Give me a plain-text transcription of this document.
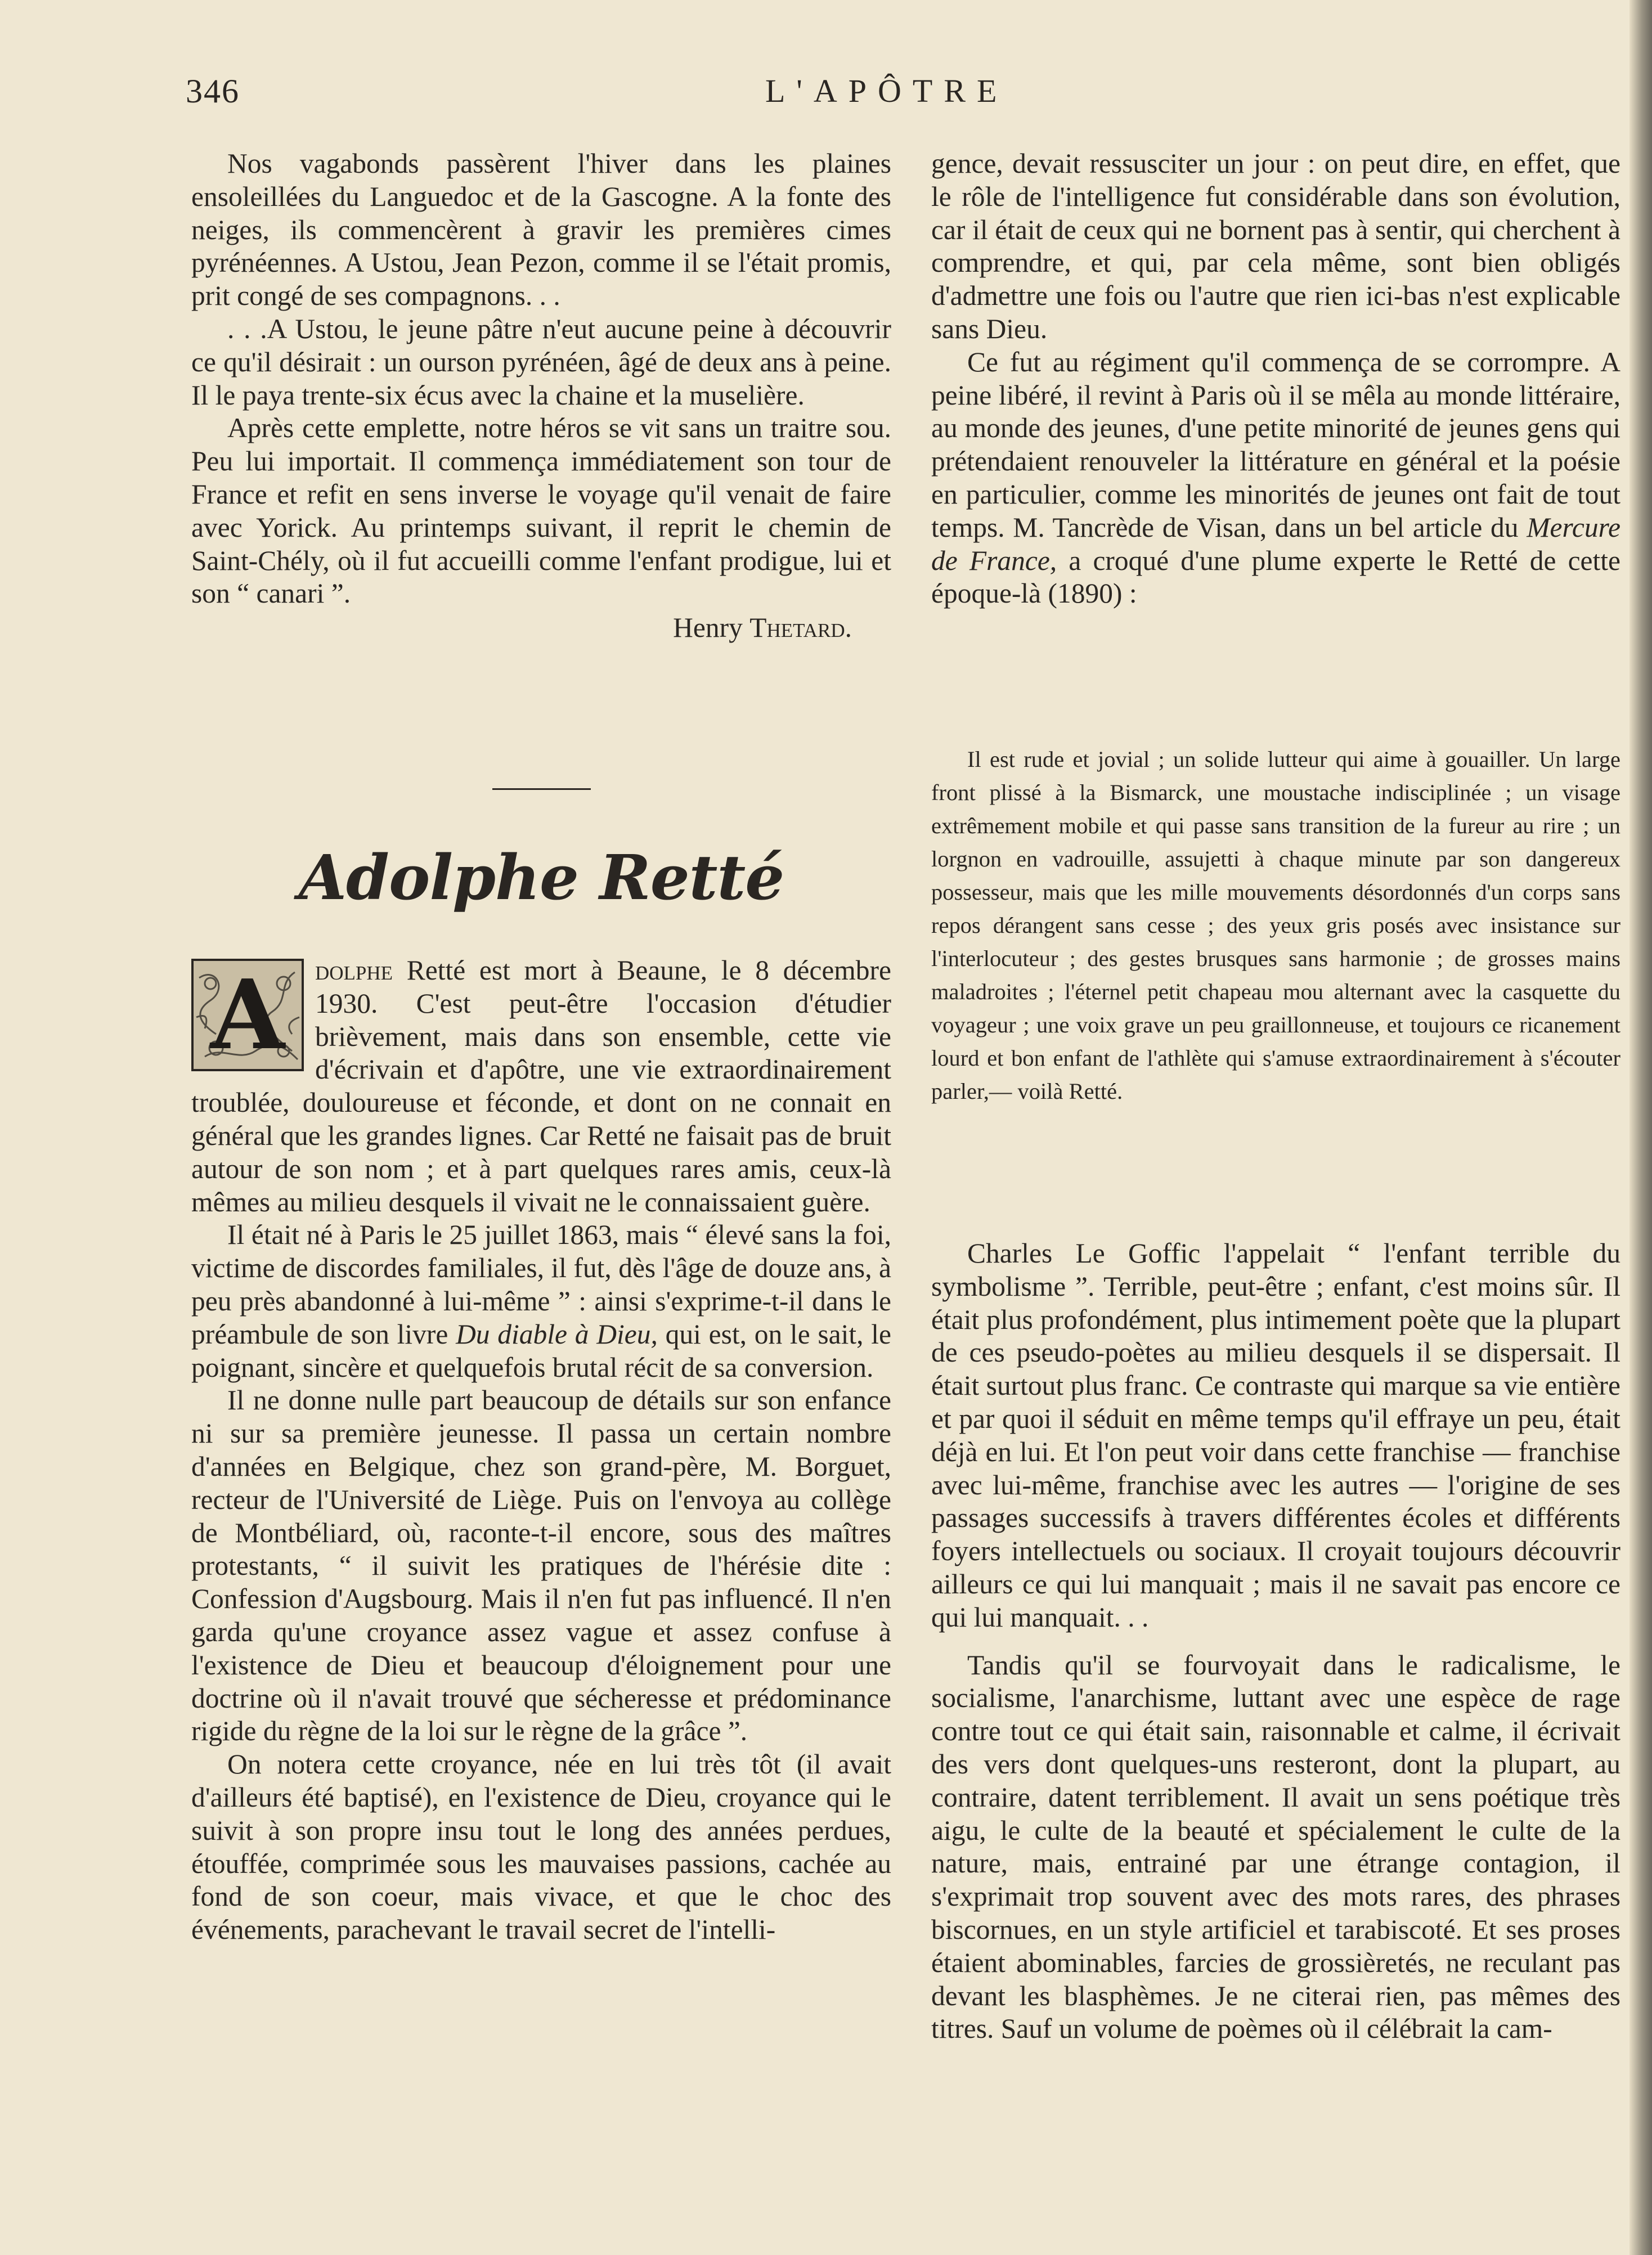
346	L'APÔTRE

Nos vagabonds passèrent l'hiver dans les plaines ensoleillées du Languedoc et de la Gascogne. A la fonte des neiges, ils commencèrent à gravir les premières cimes pyrénéennes. A Ustou, Jean Pezon, comme il se l'était promis, prit congé de ses compagnons. . .

. . .A Ustou, le jeune pâtre n'eut aucune peine à découvrir ce qu'il désirait : un ourson pyrénéen, âgé de deux ans à peine. Il le paya trente-six écus avec la chaine et la muselière.

Après cette emplette, notre héros se vit sans un traitre sou. Peu lui importait. Il commença immédiatement son tour de France et refit en sens inverse le voyage qu'il venait de faire avec Yorick. Au printemps suivant, il reprit le chemin de Saint-Chély, où il fut accueilli comme l'enfant prodigue, lui et son “ canari ”.

Henry Thetard.
Adolphe Retté

A dolphe Retté est mort à Beaune, le 8 décembre 1930. C'est peut-être l'occasion d'étudier brièvement, mais dans son ensemble, cette vie d'écrivain et d'apôtre, une vie extraordinairement troublée, douloureuse et féconde, et dont on ne connait en général que les grandes lignes. Car Retté ne faisait pas de bruit autour de son nom ; et à part quelques rares amis, ceux-là mêmes au milieu desquels il vivait ne le connaissaient guère.

Il était né à Paris le 25 juillet 1863, mais “ élevé sans la foi, victime de discordes familiales, il fut, dès l'âge de douze ans, à peu près abandonné à lui-même ” : ainsi s'exprime-t-il dans le préambule de son livre Du diable à Dieu, qui est, on le sait, le poignant, sincère et quelquefois brutal récit de sa conversion.

Il ne donne nulle part beaucoup de détails sur son enfance ni sur sa première jeunesse. Il passa un certain nombre d'années en Belgique, chez son grand-père, M. Borguet, recteur de l'Université de Liège. Puis on l'envoya au collège de Montbéliard, où, raconte-t-il encore, sous des maîtres protestants, “ il suivit les pratiques de l'hérésie dite : Confession d'Augsbourg. Mais il n'en fut pas influencé. Il n'en garda qu'une croyance assez vague et assez confuse à l'existence de Dieu et beaucoup d'éloignement pour une doctrine où il n'avait trouvé que sécheresse et prédominance rigide du règne de la loi sur le règne de la grâce ”.

On notera cette croyance, née en lui très tôt (il avait d'ailleurs été baptisé), en l'existence de Dieu, croyance qui le suivit à son propre insu tout le long des années perdues, étouffée, comprimée sous les mauvaises passions, cachée au fond de son coeur, mais vivace, et que le choc des événements, parachevant le travail secret de l'intelli-

gence, devait ressusciter un jour : on peut dire, en effet, que le rôle de l'intelligence fut considérable dans son évolution, car il était de ceux qui ne bornent pas à sentir, qui cherchent à comprendre, et qui, par cela même, sont bien obligés d'admettre une fois ou l'autre que rien ici-bas n'est explicable sans Dieu.

Ce fut au régiment qu'il commença de se corrompre. A peine libéré, il revint à Paris où il se mêla au monde littéraire, au monde des jeunes, d'une petite minorité de jeunes gens qui prétendaient renouveler la littérature en général et la poésie en particulier, comme les minorités de jeunes ont fait de tout temps. M. Tancrède de Visan, dans un bel article du Mercure de France, a croqué d'une plume experte le Retté de cette époque-là (1890) :

Il est rude et jovial ; un solide lutteur qui aime à gouailler. Un large front plissé à la Bismarck, une moustache indisciplinée ; un visage extrêmement mobile et qui passe sans transition de la fureur au rire ; un lorgnon en vadrouille, assujetti à chaque minute par son dangereux possesseur, mais que les mille mouvements désordonnés d'un corps sans repos dérangent sans cesse ; des yeux gris posés avec insistance sur l'interlocuteur ; des gestes brusques sans harmonie ; de grosses mains maladroites ; l'éternel petit chapeau mou alternant avec la casquette du voyageur ; une voix grave un peu graillonneuse, et toujours ce ricanement lourd et bon enfant de l'athlète qui s'amuse extraordinairement à s'écouter parler,— voilà Retté.

Charles Le Goffic l'appelait “ l'enfant terrible du symbolisme ”. Terrible, peut-être ; enfant, c'est moins sûr. Il était plus profondément, plus intimement poète que la plupart de ces pseudo-poètes au milieu desquels il se dispersait. Il était surtout plus franc. Ce contraste qui marque sa vie entière et par quoi il séduit en même temps qu'il effraye un peu, était déjà en lui. Et l'on peut voir dans cette franchise — franchise avec lui-même, franchise avec les autres — l'origine de ses passages successifs à travers différentes écoles et différents foyers intellectuels ou sociaux. Il croyait toujours découvrir ailleurs ce qui lui manquait ; mais il ne savait pas encore ce qui lui manquait. . .

Tandis qu'il se fourvoyait dans le radicalisme, le socialisme, l'anarchisme, luttant avec une espèce de rage contre tout ce qui était sain, raisonnable et calme, il écrivait des vers dont quelques-uns resteront, dont la plupart, au contraire, datent terriblement. Il avait un sens poétique très aigu, le culte de la beauté et spécialement le culte de la nature, mais, entrainé par une étrange contagion, il s'exprimait trop souvent avec des mots rares, des phrases biscornues, en un style artificiel et tarabiscoté. Et ses proses étaient abominables, farcies de grossièretés, ne reculant pas devant les blasphèmes. Je ne citerai rien, pas mêmes des titres. Sauf un volume de poèmes où il célébrait la cam-
